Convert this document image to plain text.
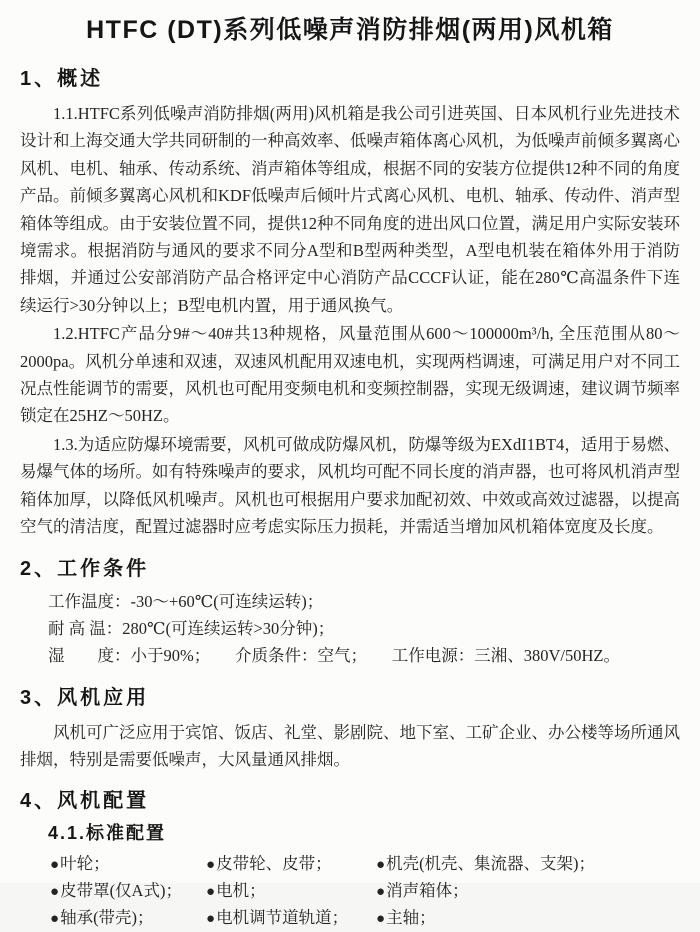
HTFC (DT)系列低噪声消防排烟(两用)风机箱
1、概述

1.1.HTFC系列低噪声消防排烟(两用)风机箱是我公司引进英国、日本风机行业先进技术设计和上海交通大学共同研制的一种高效率、低噪声箱体离心风机，为低噪声前倾多翼离心风机、电机、轴承、传动系统、消声箱体等组成，根据不同的安装方位提供12种不同的角度产品。前倾多翼离心风机和KDF低噪声后倾叶片式离心风机、电机、轴承、传动件、消声型箱体等组成。由于安装位置不同，提供12种不同角度的进出风口位置，满足用户实际安装环境需求。根据消防与通风的要求不同分A型和B型两种类型，A型电机装在箱体外用于消防排烟，并通过公安部消防产品合格评定中心消防产品CCCF认证，能在280℃高温条件下连续运行>30分钟以上；B型电机内置，用于通风换气。

1.2.HTFC产品分9#～40#共13种规格，风量范围从600～100000m³/h, 全压范围从80～2000pa。风机分单速和双速，双速风机配用双速电机，实现两档调速，可满足用户对不同工况点性能调节的需要，风机也可配用变频电机和变频控制器，实现无级调速，建议调节频率锁定在25HZ～50HZ。

1.3.为适应防爆环境需要，风机可做成防爆风机，防爆等级为EXdI1BT4，适用于易燃、易爆气体的场所。如有特殊噪声的要求，风机均可配不同长度的消声器，也可将风机消声型箱体加厚，以降低风机噪声。风机也可根据用户要求加配初效、中效或高效过滤器，以提高空气的清洁度，配置过滤器时应考虑实际压力损耗，并需适当增加风机箱体宽度及长度。

2、工作条件
工作温度：-30～+60℃(可连续运转)；
耐 高 温：280℃(可连续运转>30分钟)；
湿　　度：小于90%；　　介质条件：空气；　　工作电源：三湘、380V/50HZ。
3、风机应用

风机可广泛应用于宾馆、饭店、礼堂、影剧院、地下室、工矿企业、办公楼等场所通风排烟，特别是需要低噪声，大风量通风排烟。

4、风机配置
4.1.标准配置
●叶轮；	●皮带轮、皮带；	●机壳(机壳、集流器、支架)；
●皮带罩(仅A式)；	●电机；	●消声箱体；
●轴承(带壳)；	●电机调节道轨道；	●主轴；
